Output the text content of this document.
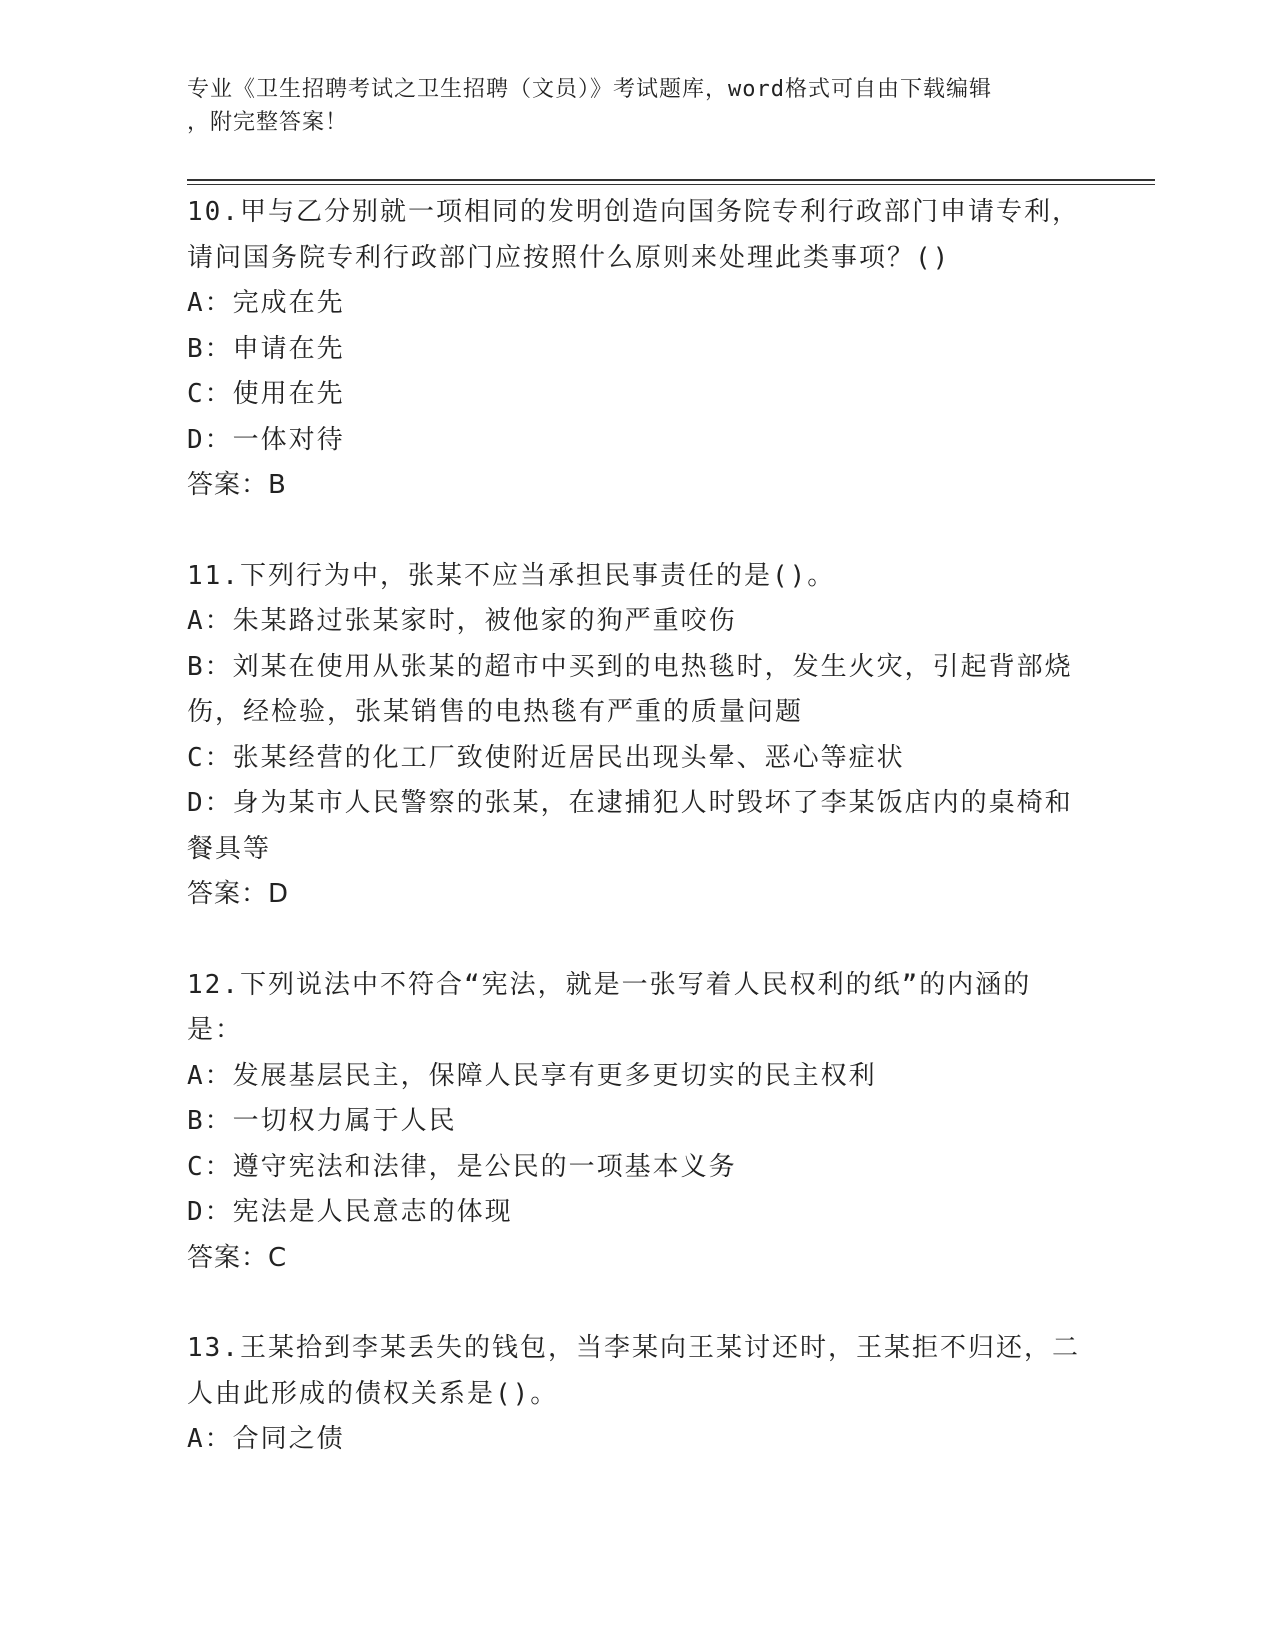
专业《卫生招聘考试之卫生招聘（文员）》考试题库，word格式可自由下载编辑
，附完整答案！

10.甲与乙分别就一项相同的发明创造向国务院专利行政部门申请专利，请问国务院专利行政部门应按照什么原则来处理此类事项？()

A：完成在先

B：申请在先

C：使用在先

D：一体对待

答案：B

11.下列行为中，张某不应当承担民事责任的是()。

A：朱某路过张某家时，被他家的狗严重咬伤

B：刘某在使用从张某的超市中买到的电热毯时，发生火灾，引起背部烧伤，经检验，张某销售的电热毯有严重的质量问题

C：张某经营的化工厂致使附近居民出现头晕、恶心等症状

D：身为某市人民警察的张某，在逮捕犯人时毁坏了李某饭店内的桌椅和餐具等

答案：D

12.下列说法中不符合“宪法，就是一张写着人民权利的纸”的内涵的是：

A：发展基层民主，保障人民享有更多更切实的民主权利

B：一切权力属于人民

C：遵守宪法和法律，是公民的一项基本义务

D：宪法是人民意志的体现

答案：C

13.王某拾到李某丢失的钱包，当李某向王某讨还时，王某拒不归还，二人由此形成的债权关系是()。

A：合同之债
